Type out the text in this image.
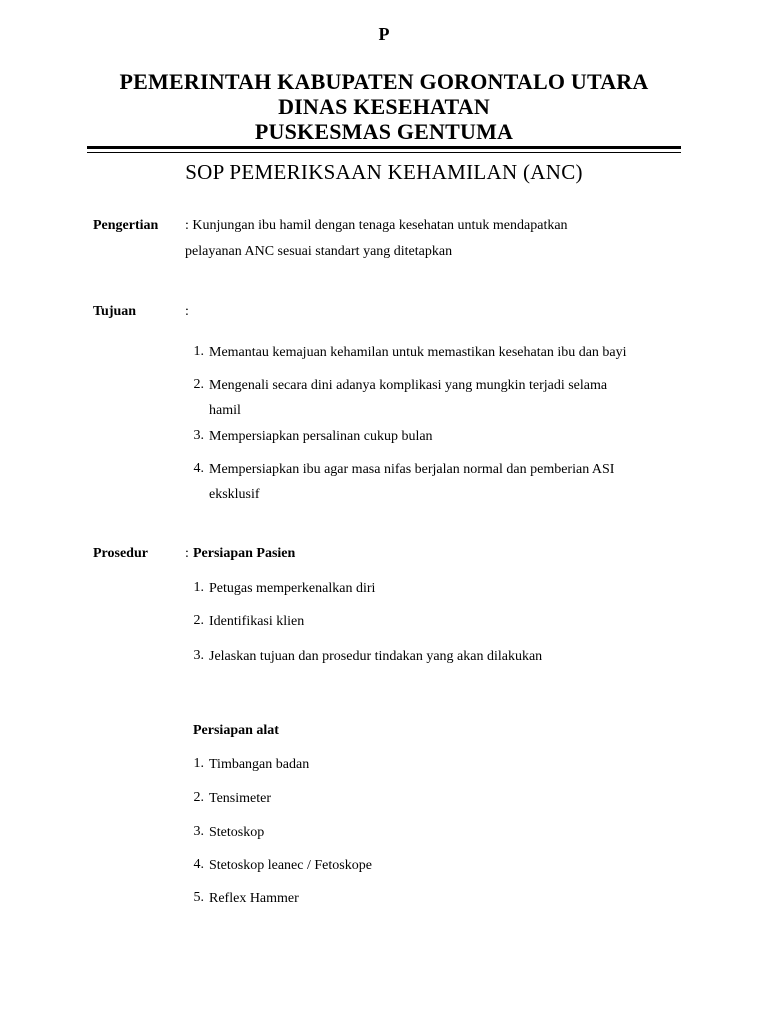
P
PEMERINTAH KABUPATEN GORONTALO UTARA
DINAS KESEHATAN
PUSKESMAS GENTUMA
SOP PEMERIKSAAN KEHAMILAN (ANC)
Pengertian : Kunjungan ibu hamil dengan tenaga kesehatan untuk mendapatkan
pelayanan ANC sesuai standart yang ditetapkan
Tujuan	:
1. Memantau kemajuan kehamilan untuk memastikan kesehatan ibu dan bayi
2. Mengenali secara dini adanya komplikasi yang mungkin terjadi selama
hamil
3. Mempersiapkan persalinan cukup bulan
4. Mempersiapkan ibu agar masa nifas berjalan normal dan pemberian ASI
eksklusif
Prosedur	: Persiapan Pasien
1. Petugas memperkenalkan diri
2. Identifikasi klien
3. Jelaskan tujuan dan prosedur tindakan yang akan dilakukan
Persiapan alat
1. Timbangan badan
2. Tensimeter
3. Stetoskop
4. Stetoskop leanec / Fetoskope
5. Reflex Hammer
